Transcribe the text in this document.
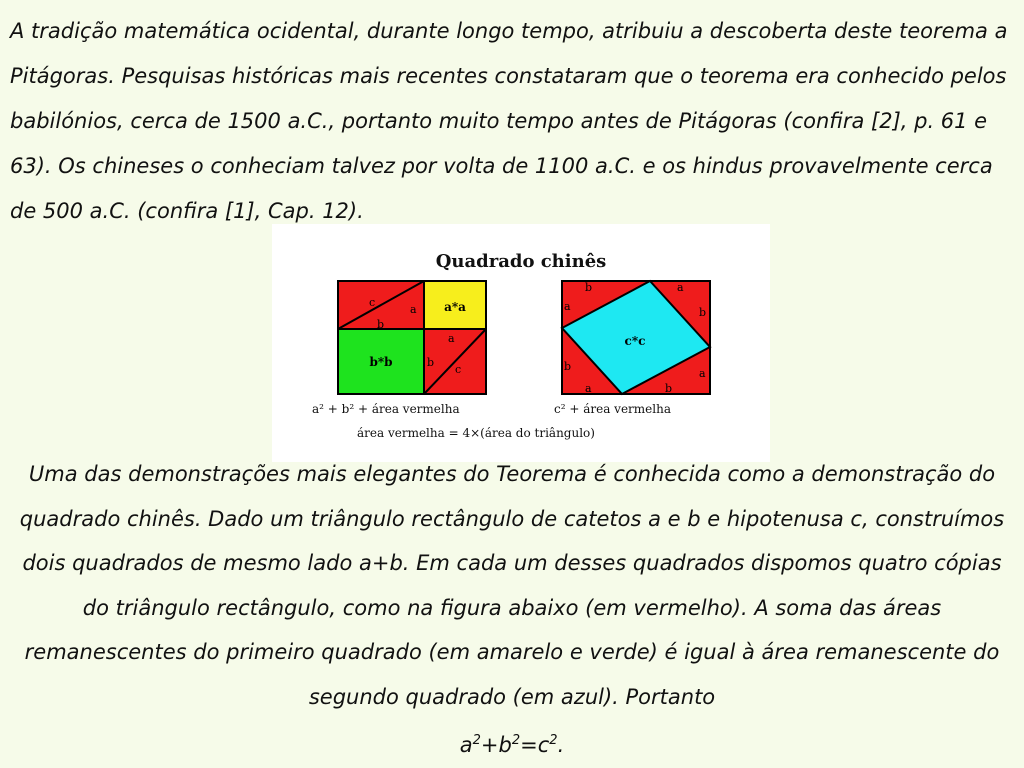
A tradição matemática ocidental, durante longo tempo, atribuiu a descoberta deste teorema a Pitágoras. Pesquisas históricas mais recentes constataram que o teorema era conhecido pelos babilónios, cerca de 1500 a.C., portanto muito tempo antes de Pitágoras (confira [2], p. 61 e 63). Os chineses o conheciam talvez por volta de 1100 a.C. e os hindus provavelmente cerca de 500 a.C. (confira [1], Cap. 12).

Quadrado chinês
c
a
b
a
b
c
a*a
b*b
b	a
a	b
b
a
a	b
c*c
a² + b² + área vermelha	c² + área vermelha
área vermelha = 4×(área do triângulo)

Uma das demonstrações mais elegantes do Teorema é conhecida como a demonstração do quadrado chinês. Dado um triângulo rectângulo de catetos a e b e hipotenusa c, construímos dois quadrados de mesmo lado a+b. Em cada um desses quadrados dispomos quatro cópias do triângulo rectângulo, como na figura abaixo (em vermelho). A soma das áreas remanescentes do primeiro quadrado (em amarelo e verde) é igual à área remanescente do segundo quadrado (em azul). Portanto
$a^2+b^2=c^2$.
